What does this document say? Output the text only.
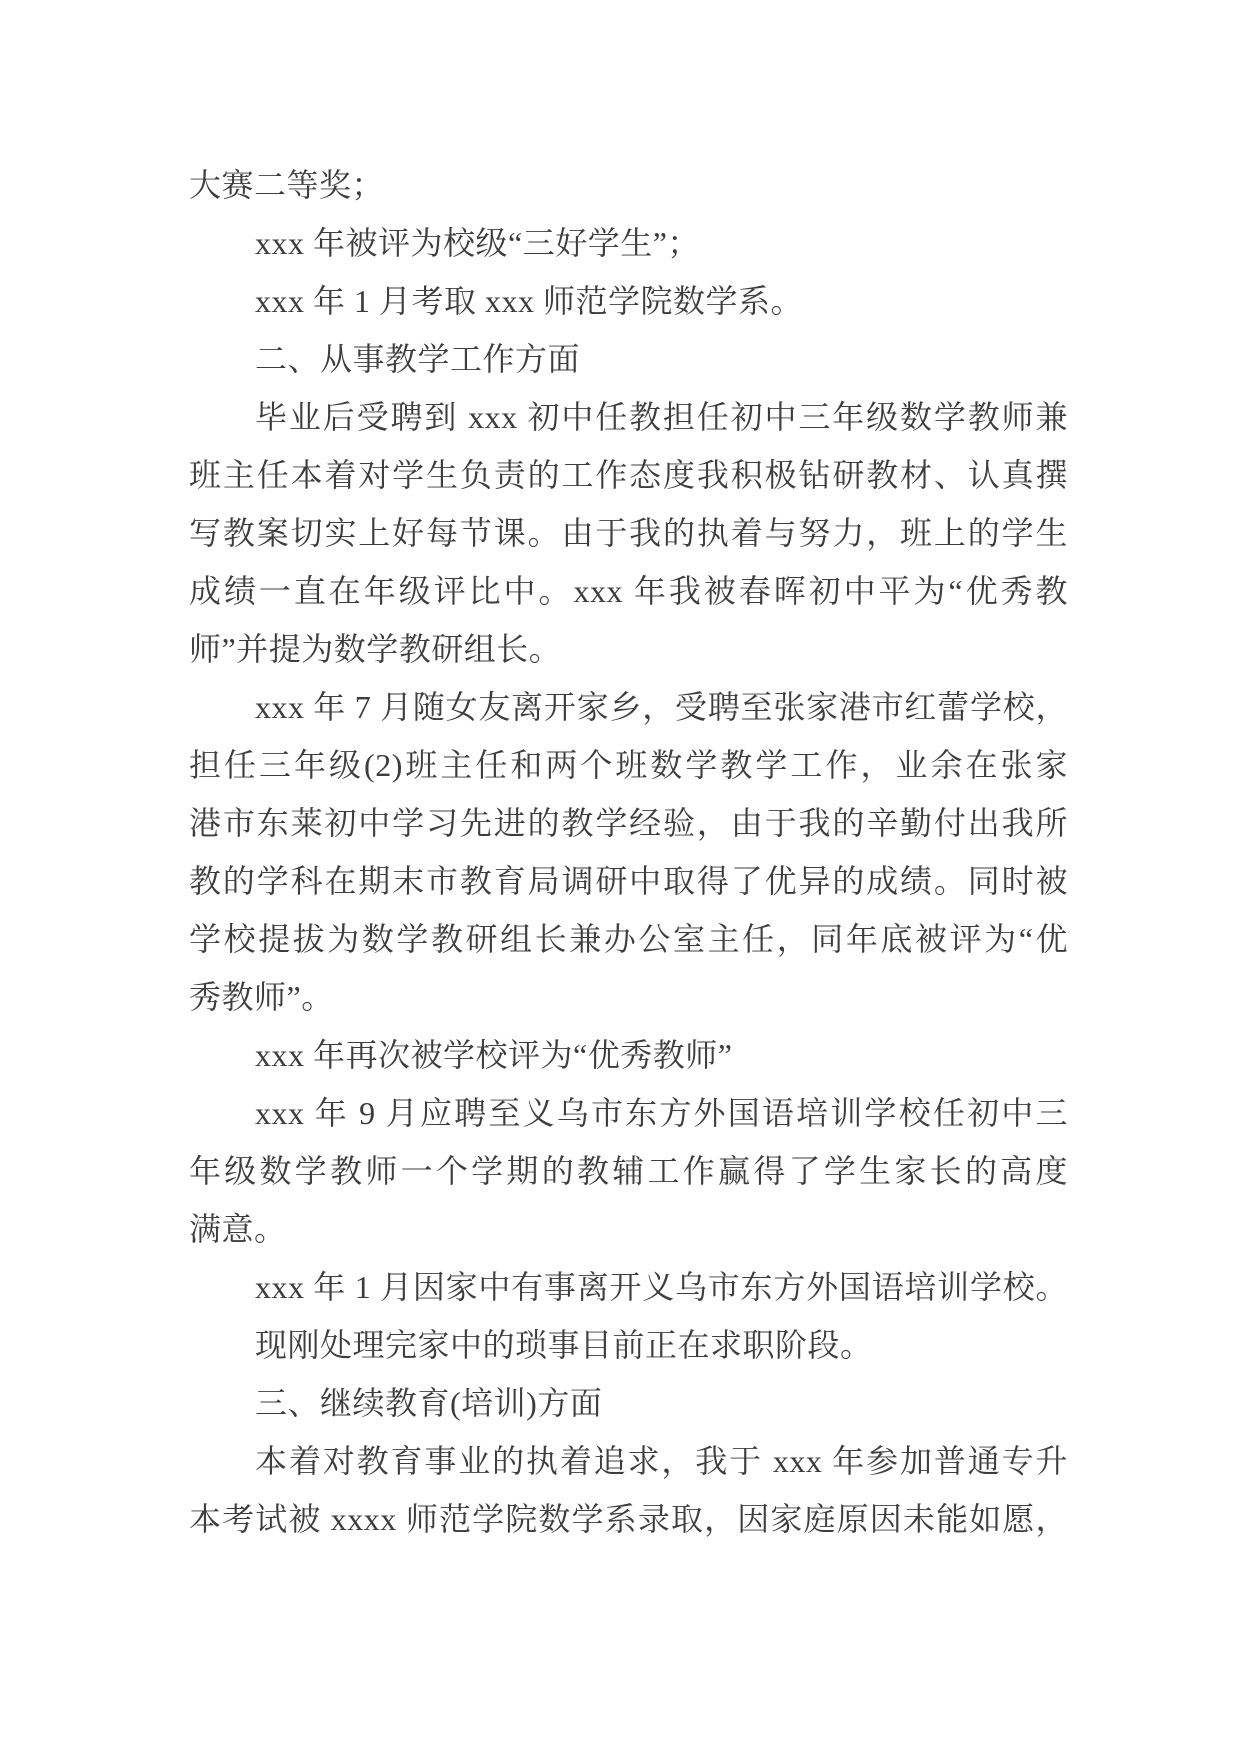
大赛二等奖；
xxx 年被评为校级“三好学生”；
xxx 年 1 月考取 xxx 师范学院数学系。
二、从事教学工作方面
毕业后受聘到 xxx 初中任教担任初中三年级数学教师兼
班主任本着对学生负责的工作态度我积极钻研教材、认真撰
写教案切实上好每节课。由于我的执着与努力，班上的学生
成绩一直在年级评比中。xxx 年我被春晖初中平为“优秀教
师”并提为数学教研组长。
xxx 年 7 月随女友离开家乡，受聘至张家港市红蕾学校，
担任三年级(2)班主任和两个班数学教学工作，业余在张家
港市东莱初中学习先进的教学经验，由于我的辛勤付出我所
教的学科在期末市教育局调研中取得了优异的成绩。同时被
学校提拔为数学教研组长兼办公室主任，同年底被评为“优
秀教师”。
xxx 年再次被学校评为“优秀教师”
xxx 年 9 月应聘至义乌市东方外国语培训学校任初中三
年级数学教师一个学期的教辅工作赢得了学生家长的高度
满意。
xxx 年 1 月因家中有事离开义乌市东方外国语培训学校。
现刚处理完家中的琐事目前正在求职阶段。
三、继续教育(培训)方面
本着对教育事业的执着追求，我于 xxx 年参加普通专升
本考试被 xxxx 师范学院数学系录取，因家庭原因未能如愿，
